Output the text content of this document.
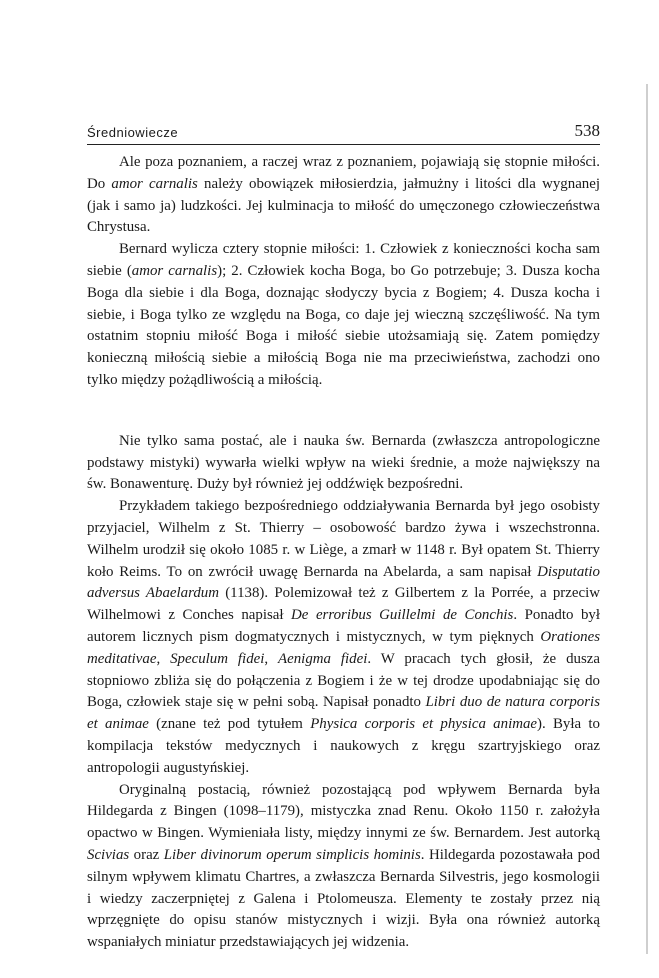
Średniowiecze	538

Ale poza poznaniem, a raczej wraz z poznaniem, pojawiają się stopnie miłości. Do amor carnalis należy obowiązek miłosierdzia, jałmużny i litości dla wygnanej (jak i samo ja) ludzkości. Jej kulminacja to miłość do umęczonego człowieczeństwa Chrystusa.

Bernard wylicza cztery stopnie miłości: 1. Człowiek z konieczności kocha sam siebie (amor carnalis); 2. Człowiek kocha Boga, bo Go potrzebuje; 3. Dusza kocha Boga dla siebie i dla Boga, doznając słodyczy bycia z Bogiem; 4. Dusza kocha i siebie, i Boga tylko ze względu na Boga, co daje jej wieczną szczęśliwość. Na tym ostatnim stopniu miłość Boga i miłość siebie utożsamiają się. Zatem pomiędzy konieczną miłością siebie a miłością Boga nie ma przeciwieństwa, zachodzi ono tylko między pożądliwością a miłością.

Nie tylko sama postać, ale i nauka św. Bernarda (zwłaszcza antropologiczne podstawy mistyki) wywarła wielki wpływ na wieki średnie, a może największy na św. Bonawenturę. Duży był również jej oddźwięk bezpośredni.

Przykładem takiego bezpośredniego oddziaływania Bernarda był jego osobisty przyjaciel, Wilhelm z St. Thierry – osobowość bardzo żywa i wszechstronna. Wilhelm urodził się około 1085 r. w Liège, a zmarł w 1148 r. Był opatem St. Thierry koło Reims. To on zwrócił uwagę Bernarda na Abelarda, a sam napisał Disputatio adversus Abaelardum (1138). Polemizował też z Gilbertem z la Porrée, a przeciw Wilhelmowi z Conches napisał De erroribus Guillelmi de Conchis. Ponadto był autorem licznych pism dogmatycznych i mistycznych, w tym pięknych Orationes meditativae, Speculum fidei, Aenigma fidei. W pracach tych głosił, że dusza stopniowo zbliża się do połączenia z Bogiem i że w tej drodze upodabniając się do Boga, człowiek staje się w pełni sobą. Napisał ponadto Libri duo de natura corporis et animae (znane też pod tytułem Physica corporis et physica animae). Była to kompilacja tekstów medycznych i naukowych z kręgu szartryjskiego oraz antropologii augustyńskiej.

Oryginalną postacią, również pozostającą pod wpływem Bernarda była Hildegarda z Bingen (1098–1179), mistyczka znad Renu. Około 1150 r. założyła opactwo w Bingen. Wymieniała listy, między innymi ze św. Bernardem. Jest autorką Scivias oraz Liber divinorum operum simplicis hominis. Hildegarda pozostawała pod silnym wpływem klimatu Chartres, a zwłaszcza Bernarda Silvestris, jego kosmologii i wiedzy zaczerpniętej z Galena i Ptolomeusza. Elementy te zostały przez nią wprzęgnięte do opisu stanów mistycznych i wizji. Była ona również autorką wspaniałych miniatur przedstawiających jej widzenia.
